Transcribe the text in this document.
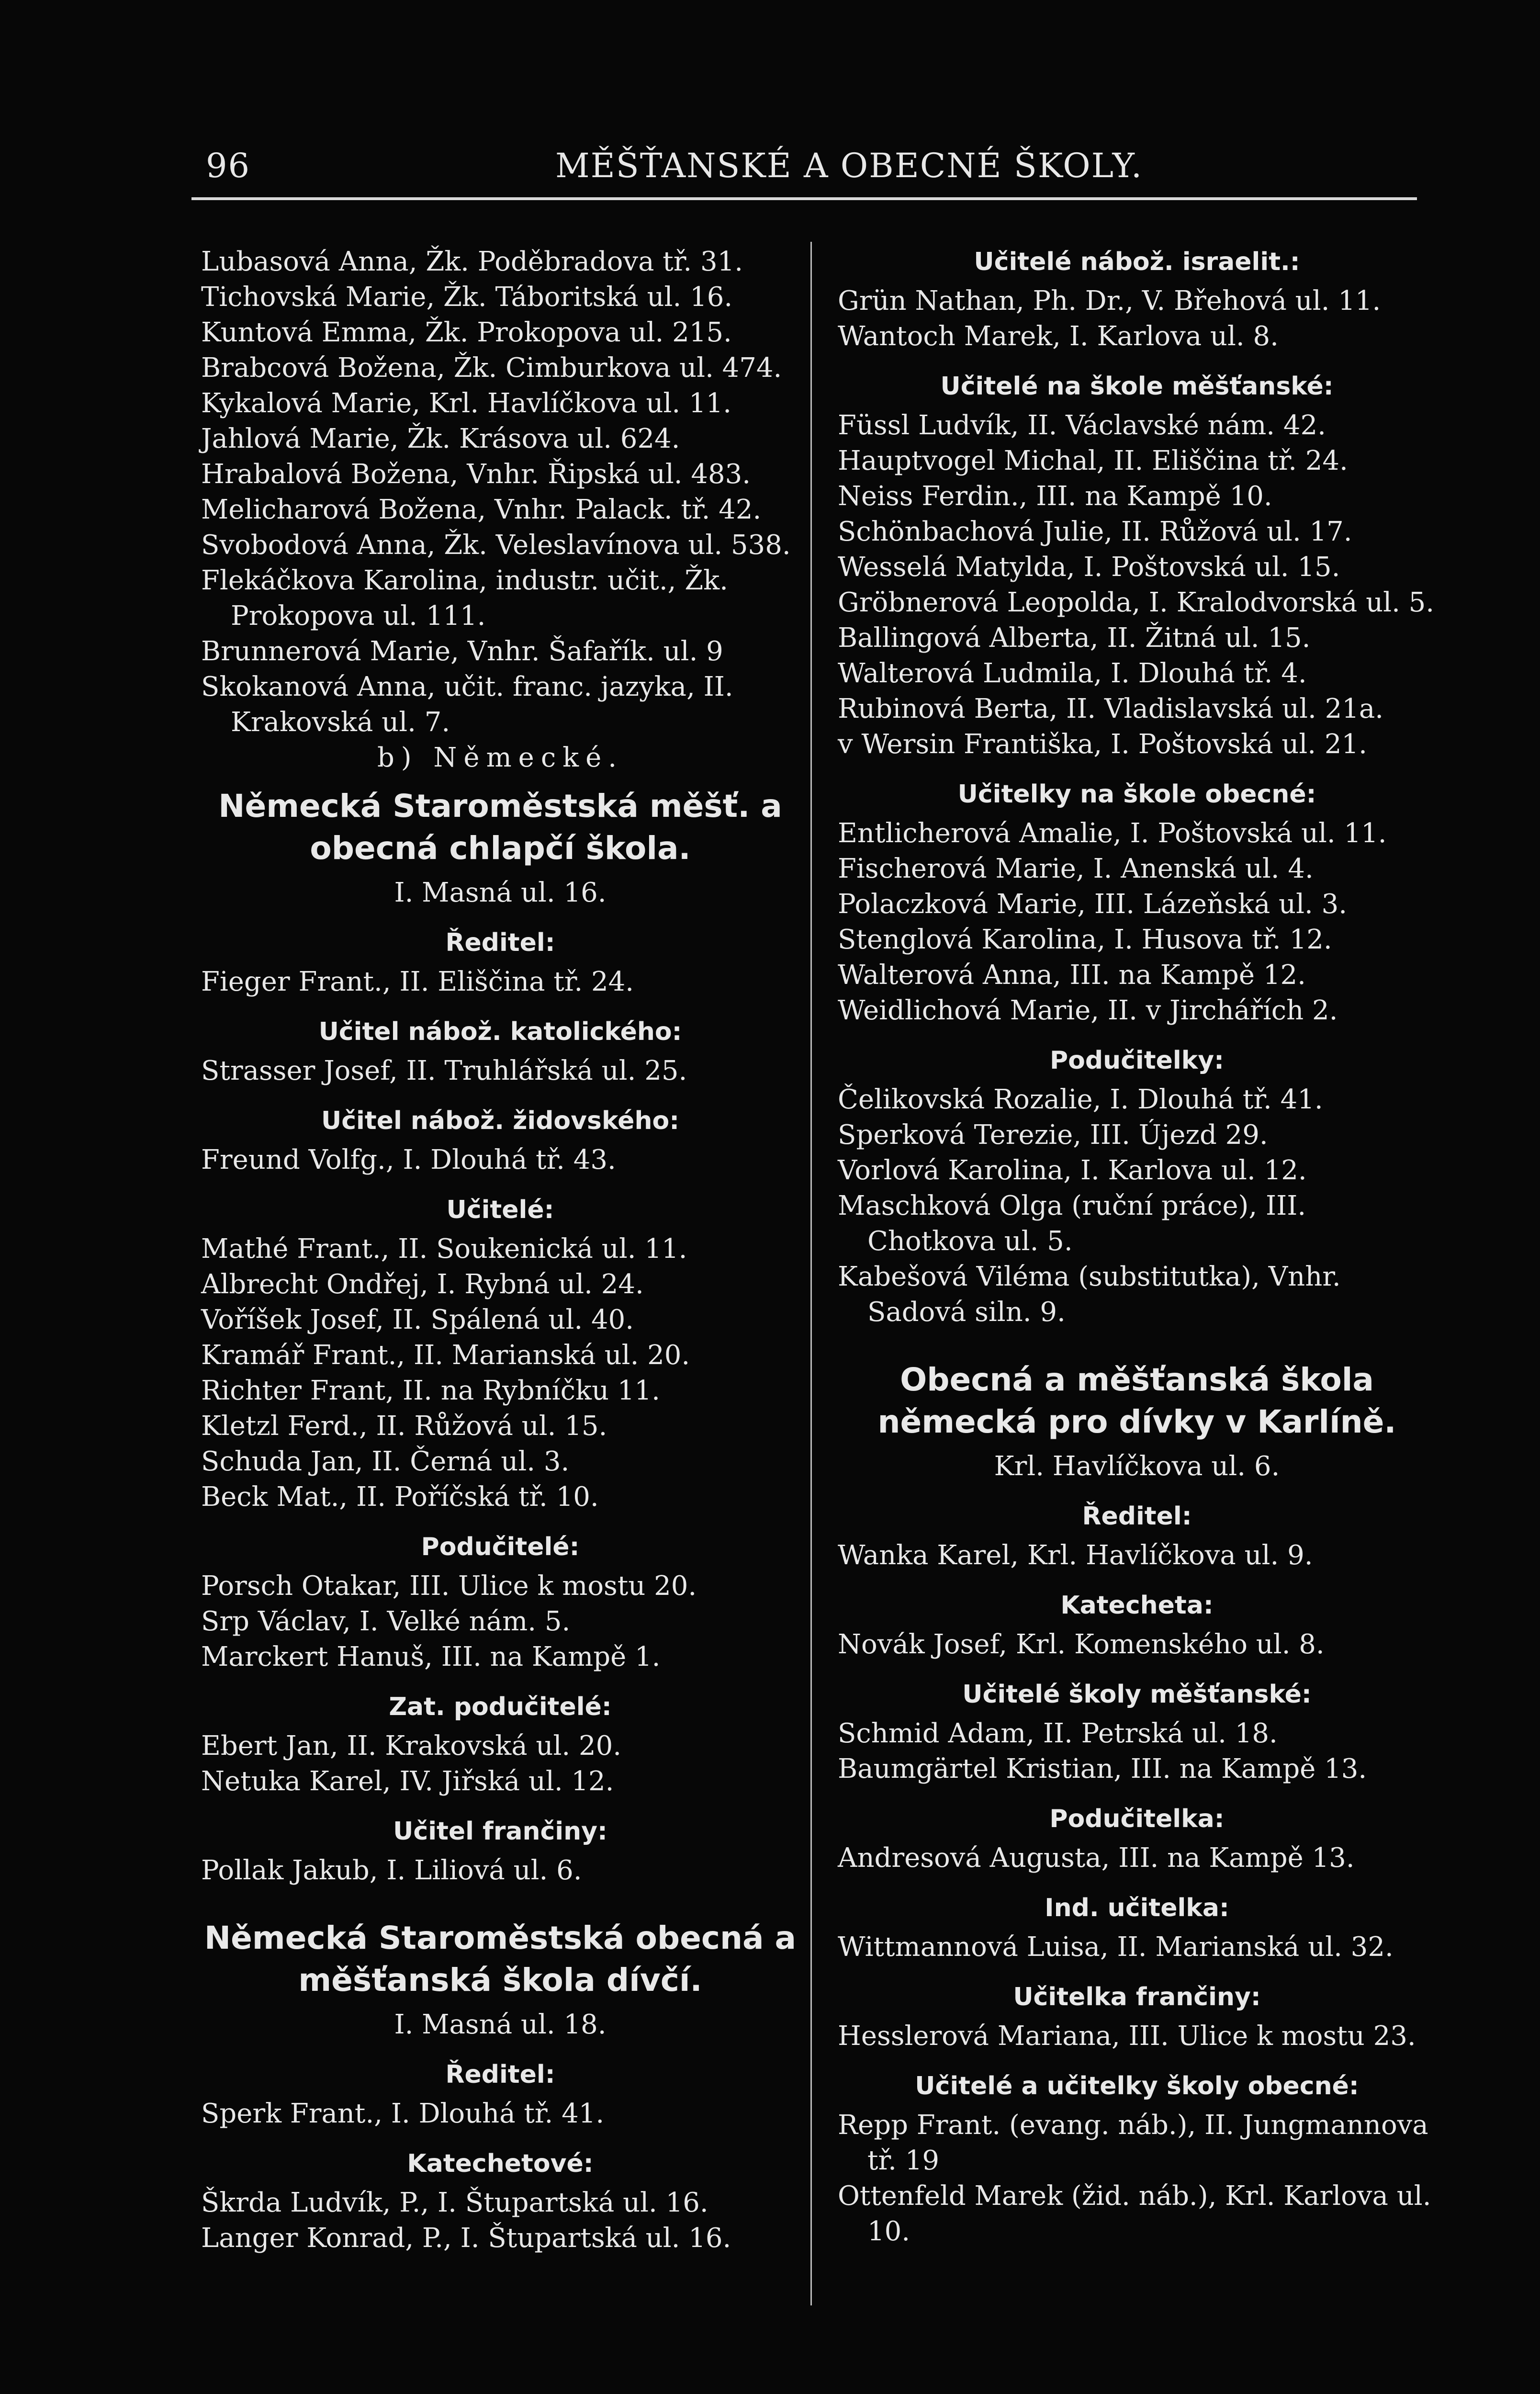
96	MĚŠŤANSKÉ A OBECNÉ ŠKOLY.

Lubasová Anna, Žk. Poděbradova tř. 31.

Tichovská Marie, Žk. Táboritská ul. 16.

Kuntová Emma, Žk. Prokopova ul. 215.

Brabcová Božena, Žk. Cimburkova ul. 474.

Kykalová Marie, Krl. Havlíčkova ul. 11.

Jahlová Marie, Žk. Krásova ul. 624.

Hrabalová Božena, Vnhr. Řipská ul. 483.

Melicharová Božena, Vnhr. Palack. tř. 42.

Svobodová Anna, Žk. Veleslavínova ul. 538.

Flekáčkova Karolina, industr. učit., Žk. Prokopova ul. 111.

Brunnerová Marie, Vnhr. Šafařík. ul. 9

Skokanová Anna, učit. franc. jazyka, II. Krakovská ul. 7.

b) Německé.

Německá Staroměstská měšť. a obecná chlapčí škola.

I. Masná ul. 16.

Ředitel:

Fieger Frant., II. Eliščina tř. 24.

Učitel nábož. katolického:

Strasser Josef, II. Truhlářská ul. 25.

Učitel nábož. židovského:

Freund Volfg., I. Dlouhá tř. 43.

Učitelé:

Mathé Frant., II. Soukenická ul. 11.

Albrecht Ondřej, I. Rybná ul. 24.

Voříšek Josef, II. Spálená ul. 40.

Kramář Frant., II. Marianská ul. 20.

Richter Frant, II. na Rybníčku 11.

Kletzl Ferd., II. Růžová ul. 15.

Schuda Jan, II. Černá ul. 3.

Beck Mat., II. Poříčská tř. 10.

Podučitelé:

Porsch Otakar, III. Ulice k mostu 20.

Srp Václav, I. Velké nám. 5.

Marckert Hanuš, III. na Kampě 1.

Zat. podučitelé:

Ebert Jan, II. Krakovská ul. 20.

Netuka Karel, IV. Jiřská ul. 12.

Učitel frančiny:

Pollak Jakub, I. Liliová ul. 6.

Německá Staroměstská obecná a měšťanská škola dívčí.

I. Masná ul. 18.

Ředitel:

Sperk Frant., I. Dlouhá tř. 41.

Katechetové:

Škrda Ludvík, P., I. Štupartská ul. 16.

Langer Konrad, P., I. Štupartská ul. 16.

Učitelé nábož. israelit.:

Grün Nathan, Ph. Dr., V. Břehová ul. 11.

Wantoch Marek, I. Karlova ul. 8.

Učitelé na škole měšťanské:

Füssl Ludvík, II. Václavské nám. 42.

Hauptvogel Michal, II. Eliščina tř. 24.

Neiss Ferdin., III. na Kampě 10.

Schönbachová Julie, II. Růžová ul. 17.

Wesselá Matylda, I. Poštovská ul. 15.

Gröbnerová Leopolda, I. Kralodvorská ul. 5.

Ballingová Alberta, II. Žitná ul. 15.

Walterová Ludmila, I. Dlouhá tř. 4.

Rubinová Berta, II. Vladislavská ul. 21a.

v Wersin Františka, I. Poštovská ul. 21.

Učitelky na škole obecné:

Entlicherová Amalie, I. Poštovská ul. 11.

Fischerová Marie, I. Anenská ul. 4.

Polaczková Marie, III. Lázeňská ul. 3.

Stenglová Karolina, I. Husova tř. 12.

Walterová Anna, III. na Kampě 12.

Weidlichová Marie, II. v Jirchářích 2.

Podučitelky:

Čelikovská Rozalie, I. Dlouhá tř. 41.

Sperková Terezie, III. Újezd 29.

Vorlová Karolina, I. Karlova ul. 12.

Maschková Olga (ruční práce), III. Chotkova ul. 5.

Kabešová Viléma (substitutka), Vnhr. Sadová siln. 9.

Obecná a měšťanská škola německá pro dívky v Karlíně.

Krl. Havlíčkova ul. 6.

Ředitel:

Wanka Karel, Krl. Havlíčkova ul. 9.

Katecheta:

Novák Josef, Krl. Komenského ul. 8.

Učitelé školy měšťanské:

Schmid Adam, II. Petrská ul. 18.

Baumgärtel Kristian, III. na Kampě 13.

Podučitelka:

Andresová Augusta, III. na Kampě 13.

Ind. učitelka:

Wittmannová Luisa, II. Marianská ul. 32.

Učitelka frančiny:

Hesslerová Mariana, III. Ulice k mostu 23.

Učitelé a učitelky školy obecné:

Repp Frant. (evang. náb.), II. Jungmannova tř. 19

Ottenfeld Marek (žid. náb.), Krl. Karlova ul. 10.
